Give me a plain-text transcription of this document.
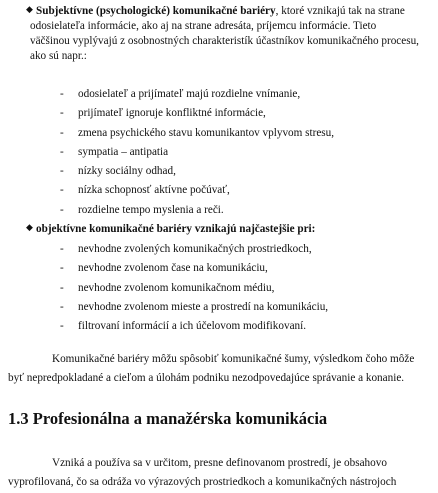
◆ Subjektívne (psychologické) komunikačné bariéry, ktoré vznikajú tak na strane
odosielateľa informácie, ako aj na strane adresáta, príjemcu informácie. Tieto
väčšinou vyplývajú z osobnostných charakteristík účastníkov komunikačného procesu,
ako sú napr.:
- odosielateľ a prijímateľ majú rozdielne vnímanie,
- prijímateľ ignoruje konfliktné informácie,
- zmena psychického stavu komunikantov vplyvom stresu,
- sympatia – antipatia
- nízky sociálny odhad,
- nízka schopnosť aktívne počúvať,
- rozdielne tempo myslenia a reči.
◆ objektívne komunikačné bariéry vznikajú najčastejšie pri:
- nevhodne zvolených komunikačných prostriedkoch,
- nevhodne zvolenom čase na komunikáciu,
- nevhodne zvolenom komunikačnom médiu,
- nevhodne zvolenom mieste a prostredí na komunikáciu,
- filtrovaní informácií a ich účelovom modifikovaní.
Komunikačné bariéry môžu spôsobiť komunikačné šumy, výsledkom čoho môže
byť nepredpokladané a cieľom a úlohám podniku nezodpovedajúce správanie a konanie.
1.3 Profesionálna a manažérska komunikácia
Vzniká a používa sa v určitom, presne definovanom prostredí, je obsahovo
vyprofilovaná, čo sa odráža vo výrazových prostriedkoch a komunikačných nástrojoch
